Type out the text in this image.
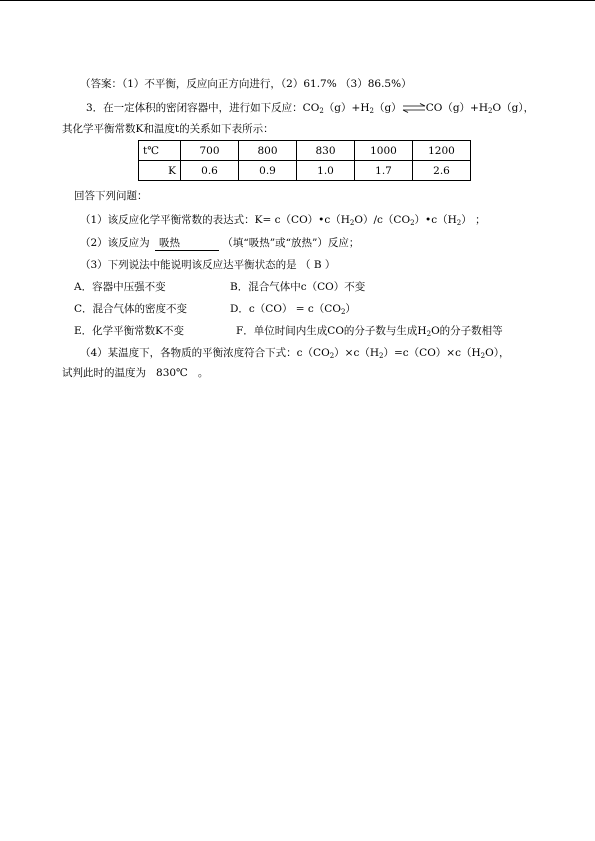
（答案：（1）不平衡，反应向正方向进行，（2）61.7% （3）86.5%）
3．在一定体积的密闭容器中，进行如下反应：$CO_2(g)+H_2(g)\rightleftharpoons CO(g)+H_2O(g)$，
其化学平衡常数K和温度t的关系如下表所示：
t℃	700	800	830	1000	1200
K	0.6	0.9	1.0	1.7	2.6
回答下列问题：
（1）该反应化学平衡常数的表达式：$K= c(CO)•c(H_2O)/c(CO_2)•c(H_2)$ ；
（2）该反应为 吸热	（填“吸热”或“放热”）反应；
（3）下列说法中能说明该反应达平衡状态的是 （ B ）
A．容器中压强不变	B．混合气体中c（CO）不变
C．混合气体的密度不变	D．$c(CO) = c(CO_2)$
E．化学平衡常数K不变	F．单位时间内生成CO的分子数与生成$H_2O$的分子数相等
（4）某温度下，各物质的平衡浓度符合下式：$c(CO_2)\times c(H_2)=c(CO)\times c(H_2O)$，
试判此时的温度为 830℃ 。
